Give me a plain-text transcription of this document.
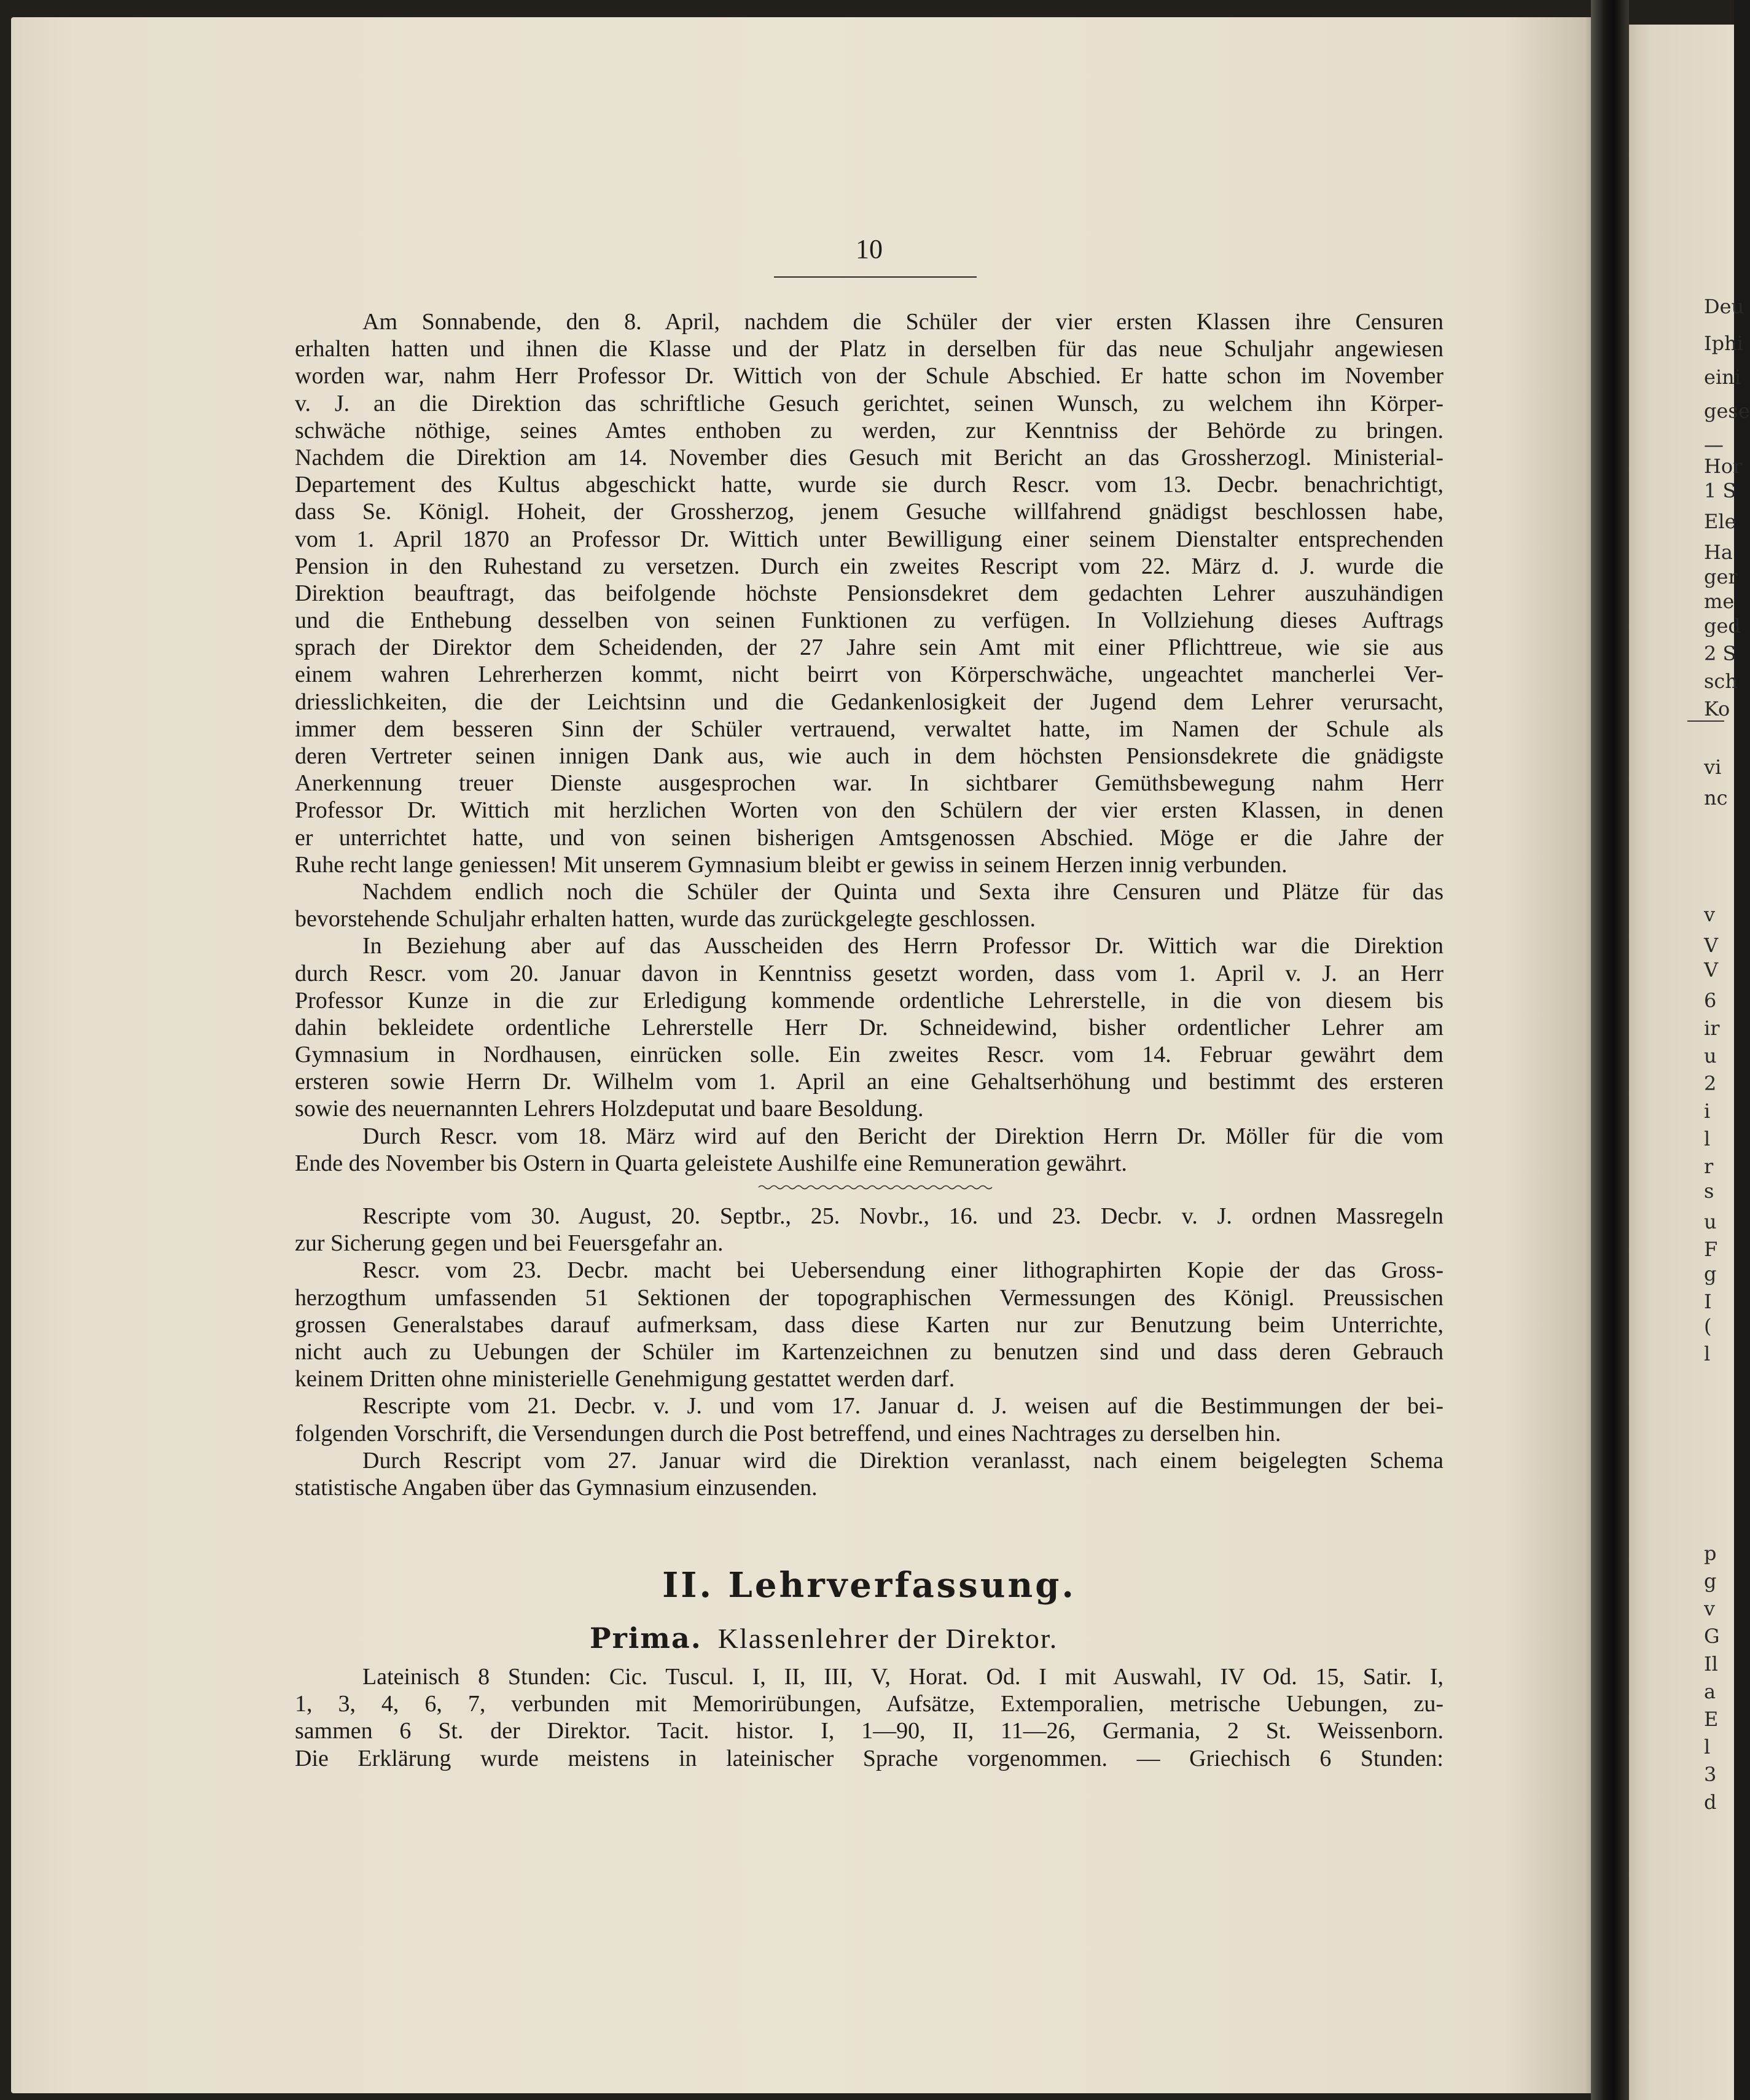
Deu
Iphi
eini
gese
—
Hor
1 S
Ele
Ha
ger
me
ged
2 S
sch
Ko
vi
nc
v
V
V
6
ir
u
2
i
l
r
s
u
F
g
I
(
l
p
g
v
G
Il
a
E
l
3
d
10
Am Sonnabende, den 8. April, nachdem die Schüler der vier ersten Klassen ihre Censuren
erhalten hatten und ihnen die Klasse und der Platz in derselben für das neue Schuljahr angewiesen
worden war, nahm Herr Professor Dr. Wittich von der Schule Abschied. Er hatte schon im November
v. J. an die Direktion das schriftliche Gesuch gerichtet, seinen Wunsch, zu welchem ihn Körper-
schwäche nöthige, seines Amtes enthoben zu werden, zur Kenntniss der Behörde zu bringen.
Nachdem die Direktion am 14. November dies Gesuch mit Bericht an das Grossherzogl. Ministerial-
Departement des Kultus abgeschickt hatte, wurde sie durch Rescr. vom 13. Decbr. benachrichtigt,
dass Se. Königl. Hoheit, der Grossherzog, jenem Gesuche willfahrend gnädigst beschlossen habe,
vom 1. April 1870 an Professor Dr. Wittich unter Bewilligung einer seinem Dienstalter entsprechenden
Pension in den Ruhestand zu versetzen. Durch ein zweites Rescript vom 22. März d. J. wurde die
Direktion beauftragt, das beifolgende höchste Pensionsdekret dem gedachten Lehrer auszuhändigen
und die Enthebung desselben von seinen Funktionen zu verfügen. In Vollziehung dieses Auftrags
sprach der Direktor dem Scheidenden, der 27 Jahre sein Amt mit einer Pflichttreue, wie sie aus
einem wahren Lehrerherzen kommt, nicht beirrt von Körperschwäche, ungeachtet mancherlei Ver-
driesslichkeiten, die der Leichtsinn und die Gedankenlosigkeit der Jugend dem Lehrer verursacht,
immer dem besseren Sinn der Schüler vertrauend, verwaltet hatte, im Namen der Schule als
deren Vertreter seinen innigen Dank aus, wie auch in dem höchsten Pensionsdekrete die gnädigste
Anerkennung treuer Dienste ausgesprochen war. In sichtbarer Gemüthsbewegung nahm Herr
Professor Dr. Wittich mit herzlichen Worten von den Schülern der vier ersten Klassen, in denen
er unterrichtet hatte, und von seinen bisherigen Amtsgenossen Abschied. Möge er die Jahre der
Ruhe recht lange geniessen! Mit unserem Gymnasium bleibt er gewiss in seinem Herzen innig verbunden.
Nachdem endlich noch die Schüler der Quinta und Sexta ihre Censuren und Plätze für das
bevorstehende Schuljahr erhalten hatten, wurde das zurückgelegte geschlossen.
In Beziehung aber auf das Ausscheiden des Herrn Professor Dr. Wittich war die Direktion
durch Rescr. vom 20. Januar davon in Kenntniss gesetzt worden, dass vom 1. April v. J. an Herr
Professor Kunze in die zur Erledigung kommende ordentliche Lehrerstelle, in die von diesem bis
dahin bekleidete ordentliche Lehrerstelle Herr Dr. Schneidewind, bisher ordentlicher Lehrer am
Gymnasium in Nordhausen, einrücken solle. Ein zweites Rescr. vom 14. Februar gewährt dem
ersteren sowie Herrn Dr. Wilhelm vom 1. April an eine Gehaltserhöhung und bestimmt des ersteren
sowie des neuernannten Lehrers Holzdeputat und baare Besoldung.
Durch Rescr. vom 18. März wird auf den Bericht der Direktion Herrn Dr. Möller für die vom
Ende des November bis Ostern in Quarta geleistete Aushilfe eine Remuneration gewährt.
Rescripte vom 30. August, 20. Septbr., 25. Novbr., 16. und 23. Decbr. v. J. ordnen Massregeln
zur Sicherung gegen und bei Feuersgefahr an.
Rescr. vom 23. Decbr. macht bei Uebersendung einer lithographirten Kopie der das Gross-
herzogthum umfassenden 51 Sektionen der topographischen Vermessungen des Königl. Preussischen
grossen Generalstabes darauf aufmerksam, dass diese Karten nur zur Benutzung beim Unterrichte,
nicht auch zu Uebungen der Schüler im Kartenzeichnen zu benutzen sind und dass deren Gebrauch
keinem Dritten ohne ministerielle Genehmigung gestattet werden darf.
Rescripte vom 21. Decbr. v. J. und vom 17. Januar d. J. weisen auf die Bestimmungen der bei-
folgenden Vorschrift, die Versendungen durch die Post betreffend, und eines Nachtrages zu derselben hin.
Durch Rescript vom 27. Januar wird die Direktion veranlasst, nach einem beigelegten Schema
statistische Angaben über das Gymnasium einzusenden.
II. Lehrverfassung.
Prima. Klassenlehrer der Direktor.
Lateinisch 8 Stunden: Cic. Tuscul. I, II, III, V, Horat. Od. I mit Auswahl, IV Od. 15, Satir. I,
1, 3, 4, 6, 7, verbunden mit Memorirübungen, Aufsätze, Extemporalien, metrische Uebungen, zu-
sammen 6 St. der Direktor. Tacit. histor. I, 1—90, II, 11—26, Germania, 2 St. Weissenborn.
Die Erklärung wurde meistens in lateinischer Sprache vorgenommen. — Griechisch 6 Stunden:
